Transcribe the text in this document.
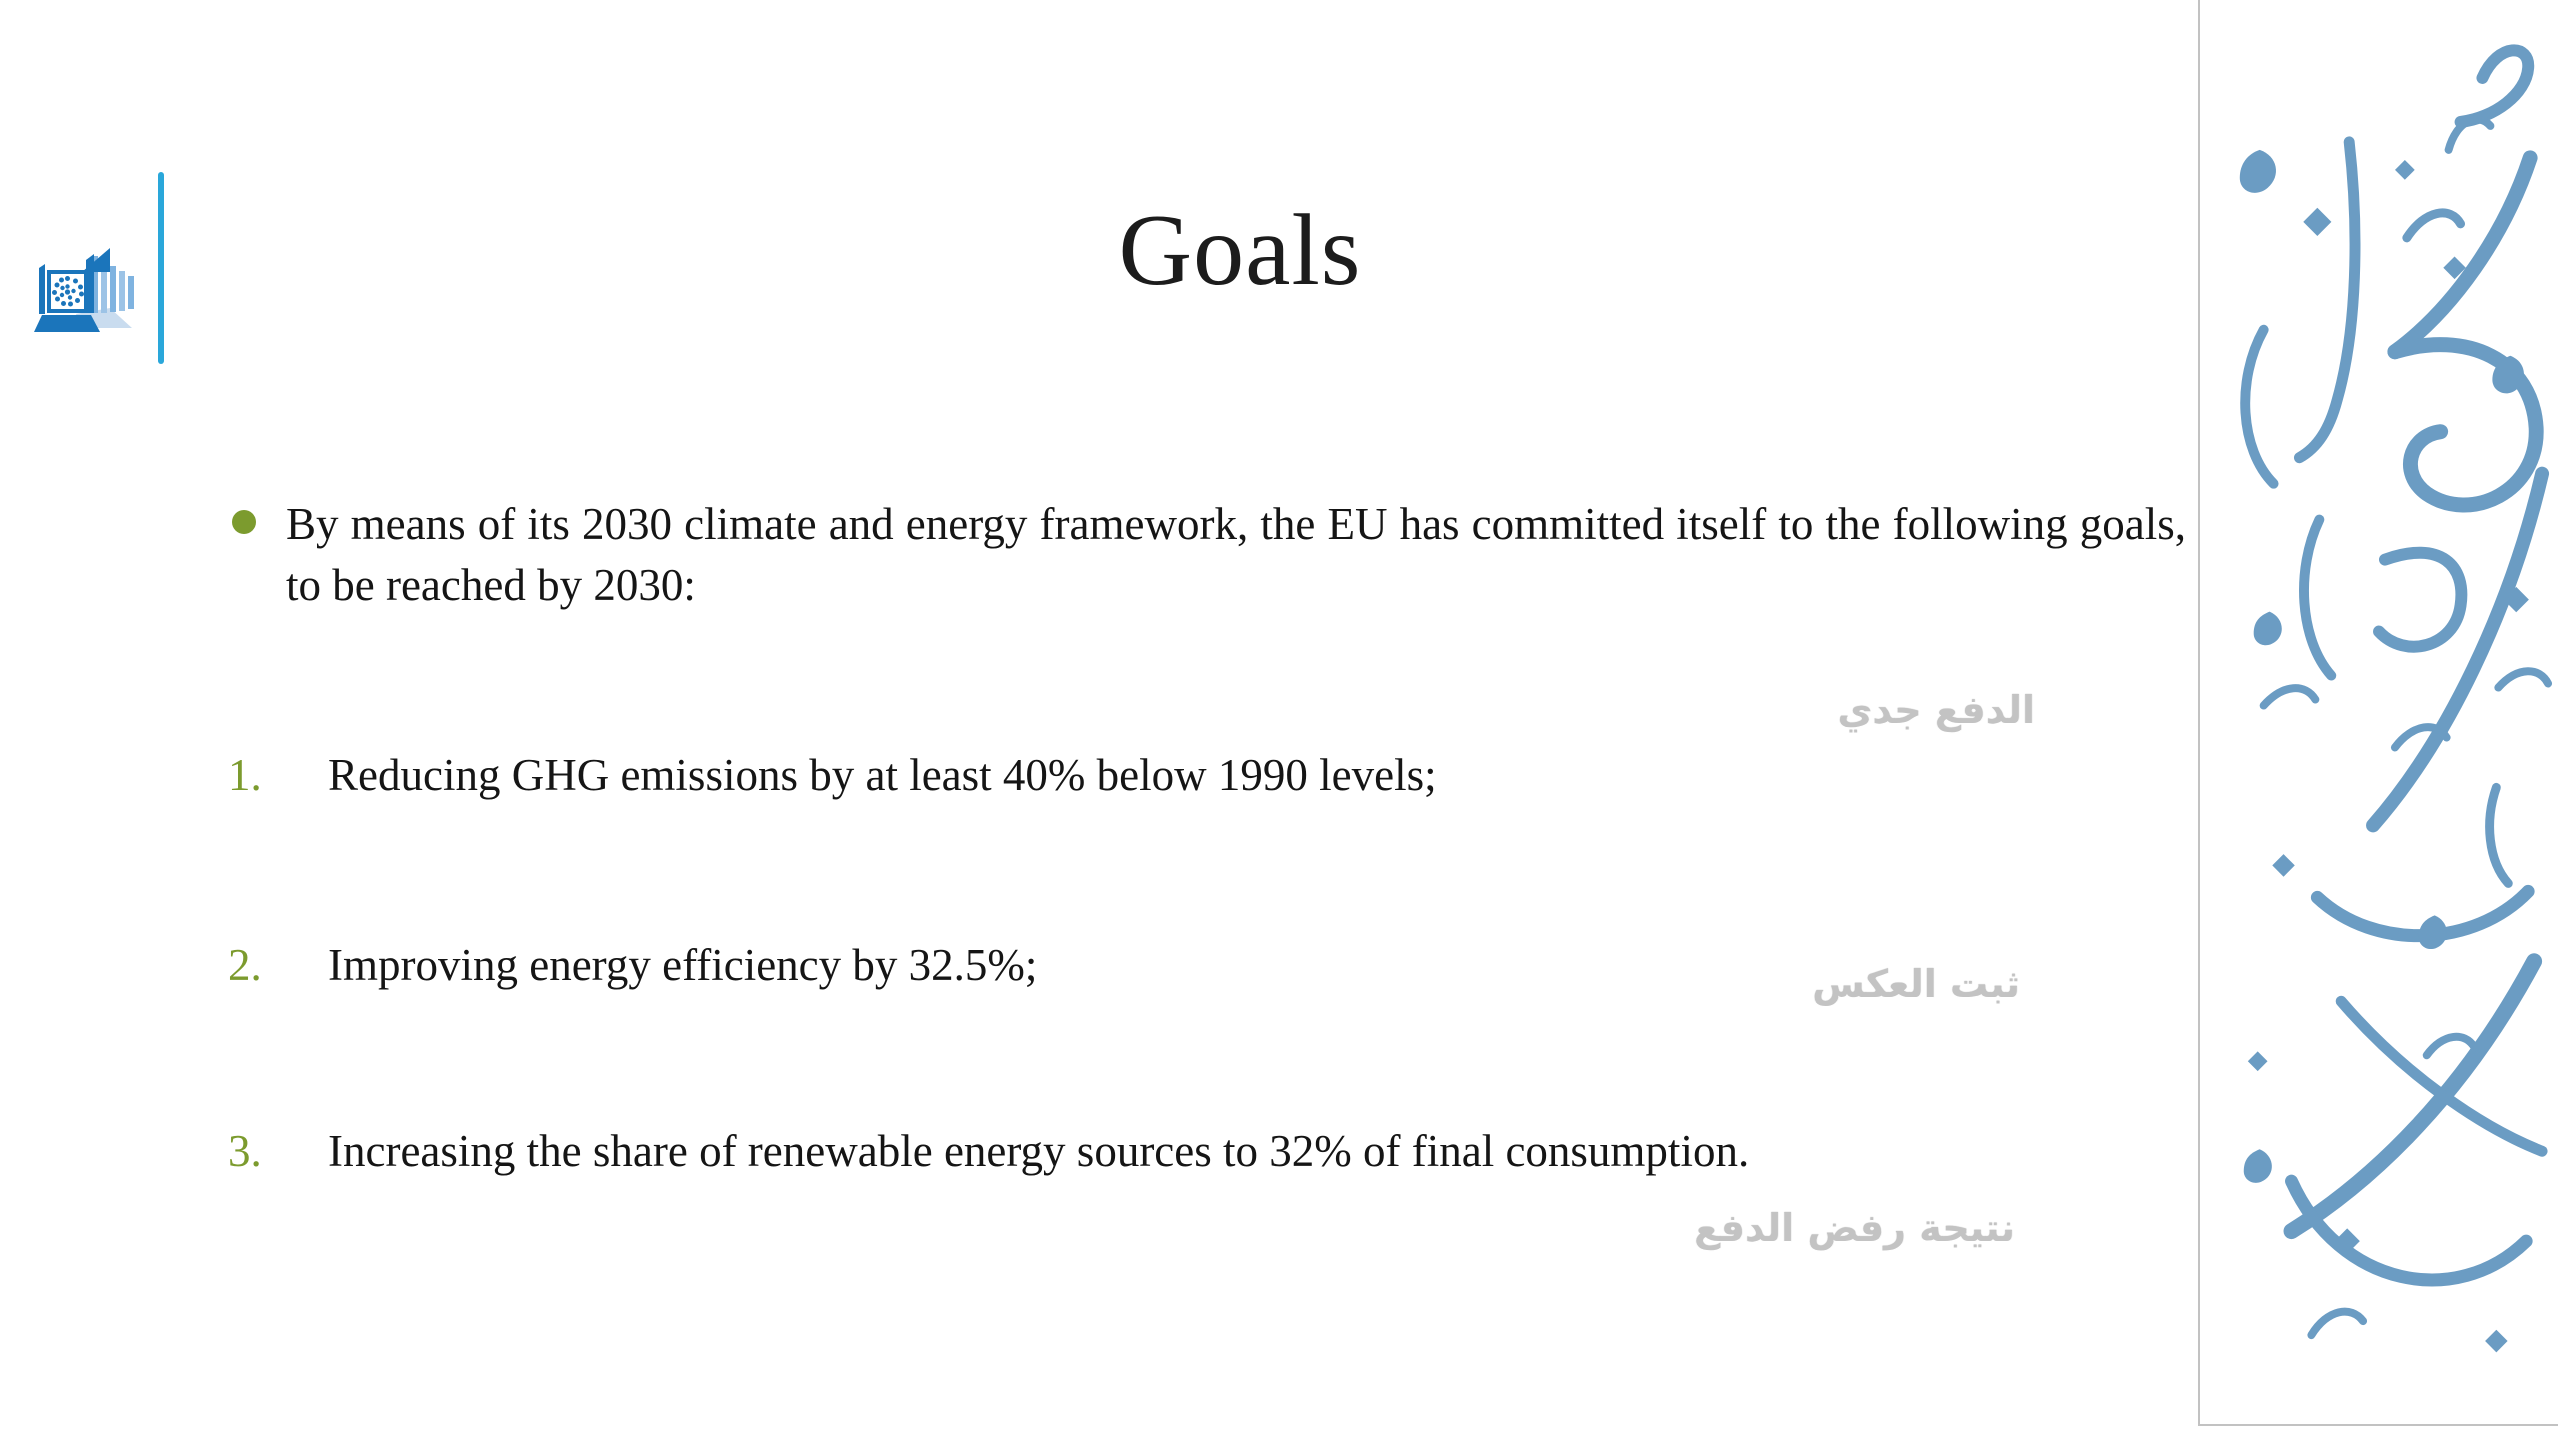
Goals

By means of its 2030 climate and energy framework, the EU has committed itself to the following goals, to be reached by 2030:

1. Reducing GHG emissions by at least 40% below 1990 levels;
2. Improving energy efficiency by 32.5%;
3. Increasing the share of renewable energy sources to 32% of final consumption.
الدفع جدي
ثبت العكس
نتيجة رفض الدفع
